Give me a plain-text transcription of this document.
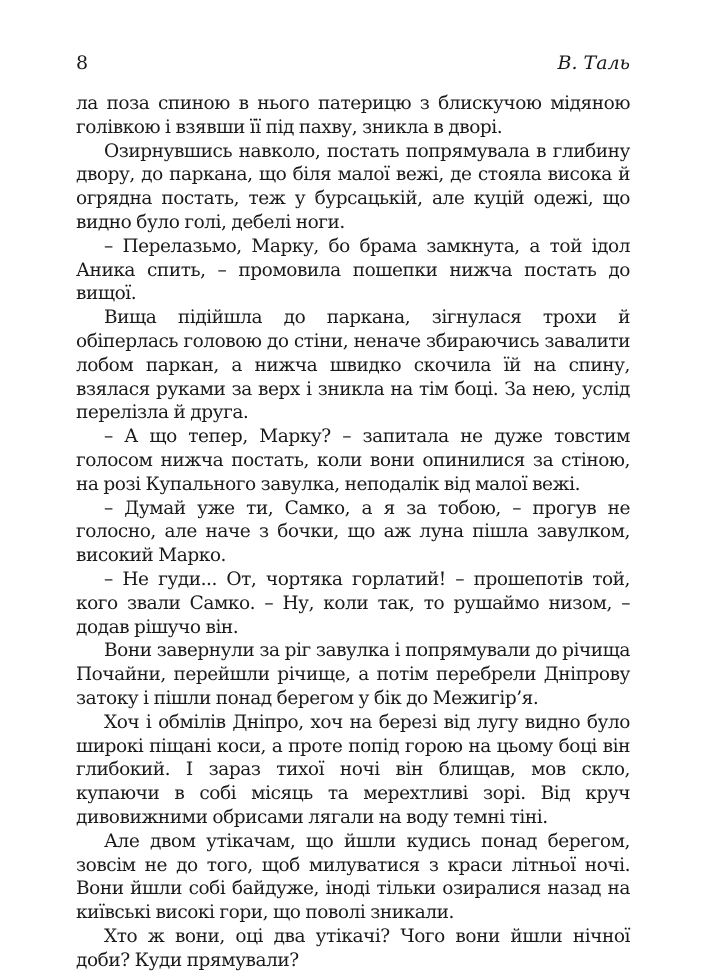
8	В. Таль

ла поза спиною в нього патерицю з блискучою мідяною голівкою і взявши її під пахву, зникла в дворі.

Озирнувшись навколо, постать попрямувала в глибину двору, до паркана, що біля малої вежі, де стояла висока й огрядна постать, теж у бурсацькій, але куцій одежі, що видно було голі, дебелі ноги.

– Перелазьмо, Марку, бо брама замкнута, а той ідол Аника спить, – промовила пошепки нижча постать до вищої.

Вища підійшла до паркана, зігнулася трохи й обіперлась головою до стіни, неначе збираючись завалити лобом паркан, а нижча швидко скочила їй на спину, взялася руками за верх і зникла на тім боці. За нею, услід перелізла й друга.

– А що тепер, Марку? – запитала не дуже товстим голосом нижча постать, коли вони опинилися за стіною, на розі Купального завулка, неподалік від малої вежі.

– Думай уже ти, Самко, а я за тобою, – прогув не голосно, але наче з бочки, що аж луна пішла завулком, високий Марко.

– Не гуди... От, чортяка горлатий! – прошепотів той, кого звали Самко. – Ну, коли так, то рушаймо низом, – додав рішучо він.

Вони завернули за ріг завулка і попрямували до річища Почайни, перейшли річище, а потім перебрели Дніпрову затоку і пішли понад берегом у бік до Межигір’я.

Хоч і обмілів Дніпро, хоч на березі від лугу видно було широкі піщані коси, а проте попід горою на цьому боці він глибокий. І зараз тихої ночі він блищав, мов скло, купаючи в собі місяць та мерехтливі зорі. Від круч дивовижними обрисами лягали на воду темні тіні.

Але двом утікачам, що йшли кудись понад берегом, зовсім не до того, щоб милуватися з краси літньої ночі. Вони йшли собі байдуже, іноді тільки озиралися назад на київські високі гори, що поволі зникали.

Хто ж вони, оці два утікачі? Чого вони йшли нічної доби? Куди прямували?
